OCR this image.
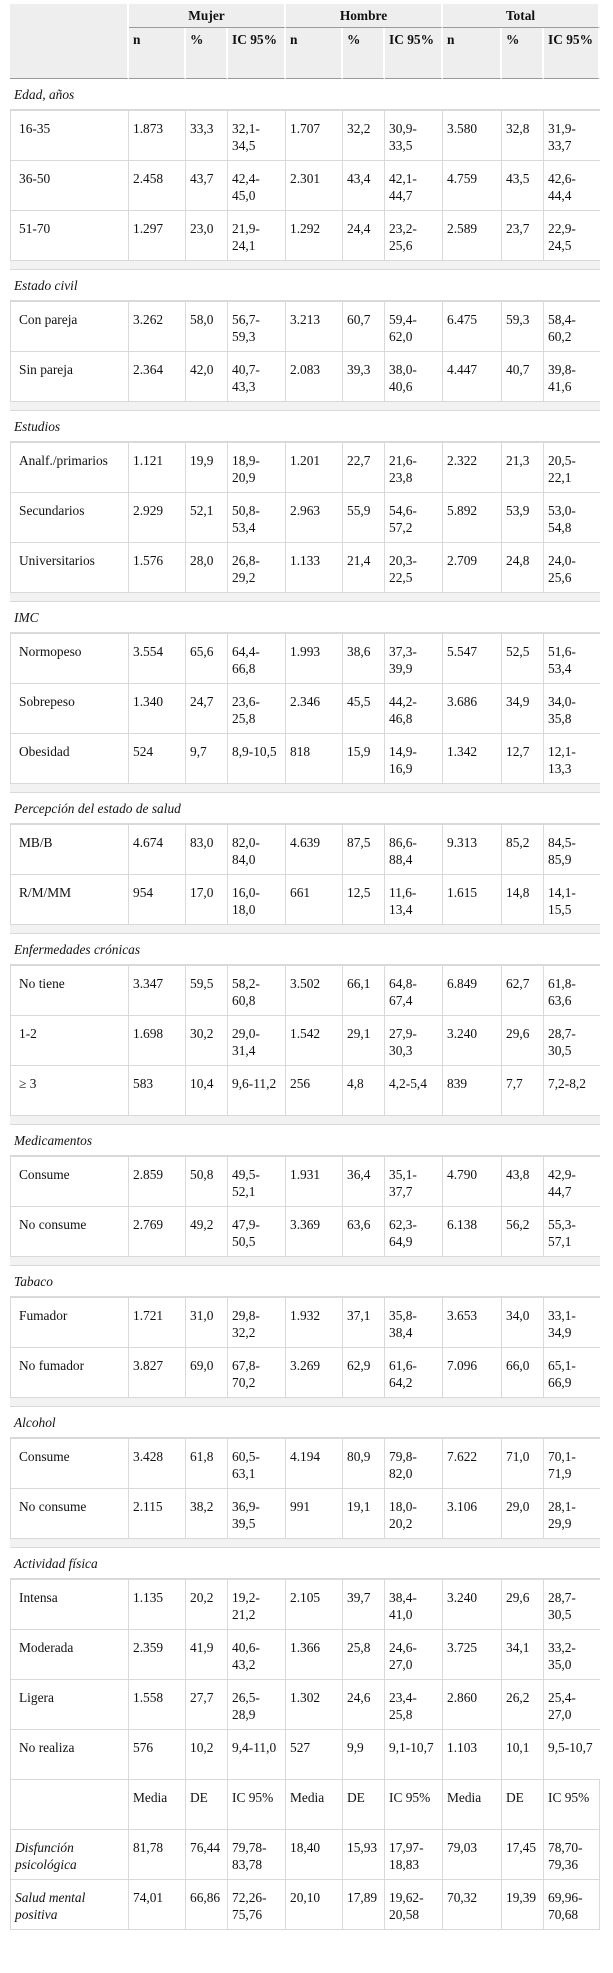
	Mujer			Hombre			Total		
	n	%	IC 95%	n	%	IC 95%	n	%	IC 95%
Edad, años									
16-35	1.873	33,3	32,1-34,5	1.707	32,2	30,9-33,5	3.580	32,8	31,9-33,7
36-50	2.458	43,7	42,4-45,0	2.301	43,4	42,1-44,7	4.759	43,5	42,6-44,4
51-70	1.297	23,0	21,9-24,1	1.292	24,4	23,2-25,6	2.589	23,7	22,9-24,5

Estado civil									
Con pareja	3.262	58,0	56,7-59,3	3.213	60,7	59,4-62,0	6.475	59,3	58,4-60,2
Sin pareja	2.364	42,0	40,7-43,3	2.083	39,3	38,0-40,6	4.447	40,7	39,8-41,6

Estudios									
Analf./primarios	1.121	19,9	18,9-20,9	1.201	22,7	21,6-23,8	2.322	21,3	20,5-22,1
Secundarios	2.929	52,1	50,8-53,4	2.963	55,9	54,6-57,2	5.892	53,9	53,0-54,8
Universitarios	1.576	28,0	26,8-29,2	1.133	21,4	20,3-22,5	2.709	24,8	24,0-25,6

IMC									
Normopeso	3.554	65,6	64,4-66,8	1.993	38,6	37,3-39,9	5.547	52,5	51,6-53,4
Sobrepeso	1.340	24,7	23,6-25,8	2.346	45,5	44,2-46,8	3.686	34,9	34,0-35,8
Obesidad	524	9,7	8,9-10,5	818	15,9	14,9-16,9	1.342	12,7	12,1-13,3

Percepción del estado de salud									
MB/B	4.674	83,0	82,0-84,0	4.639	87,5	86,6-88,4	9.313	85,2	84,5-85,9
R/M/MM	954	17,0	16,0-18,0	661	12,5	11,6-13,4	1.615	14,8	14,1-15,5

Enfermedades crónicas									
No tiene	3.347	59,5	58,2-60,8	3.502	66,1	64,8-67,4	6.849	62,7	61,8-63,6
1-2	1.698	30,2	29,0-31,4	1.542	29,1	27,9-30,3	3.240	29,6	28,7-30,5
≥ 3	583	10,4	9,6-11,2	256	4,8	4,2-5,4	839	7,7	7,2-8,2

Medicamentos									
Consume	2.859	50,8	49,5-52,1	1.931	36,4	35,1-37,7	4.790	43,8	42,9-44,7
No consume	2.769	49,2	47,9-50,5	3.369	63,6	62,3-64,9	6.138	56,2	55,3-57,1

Tabaco									
Fumador	1.721	31,0	29,8-32,2	1.932	37,1	35,8-38,4	3.653	34,0	33,1-34,9
No fumador	3.827	69,0	67,8-70,2	3.269	62,9	61,6-64,2	7.096	66,0	65,1-66,9

Alcohol									
Consume	3.428	61,8	60,5-63,1	4.194	80,9	79,8-82,0	7.622	71,0	70,1-71,9
No consume	2.115	38,2	36,9-39,5	991	19,1	18,0-20,2	3.106	29,0	28,1-29,9

Actividad física									
Intensa	1.135	20,2	19,2-21,2	2.105	39,7	38,4-41,0	3.240	29,6	28,7-30,5
Moderada	2.359	41,9	40,6-43,2	1.366	25,8	24,6-27,0	3.725	34,1	33,2-35,0
Ligera	1.558	27,7	26,5-28,9	1.302	24,6	23,4-25,8	2.860	26,2	25,4-27,0
No realiza	576	10,2	9,4-11,0	527	9,9	9,1-10,7	1.103	10,1	9,5-10,7
	Media	DE	IC 95%	Media	DE	IC 95%	Media	DE	IC 95%
Disfunción psicológica	81,78	76,44	79,78-83,78	18,40	15,93	17,97-18,83	79,03	17,45	78,70-79,36
Salud mental positiva	74,01	66,86	72,26-75,76	20,10	17,89	19,62-20,58	70,32	19,39	69,96-70,68
